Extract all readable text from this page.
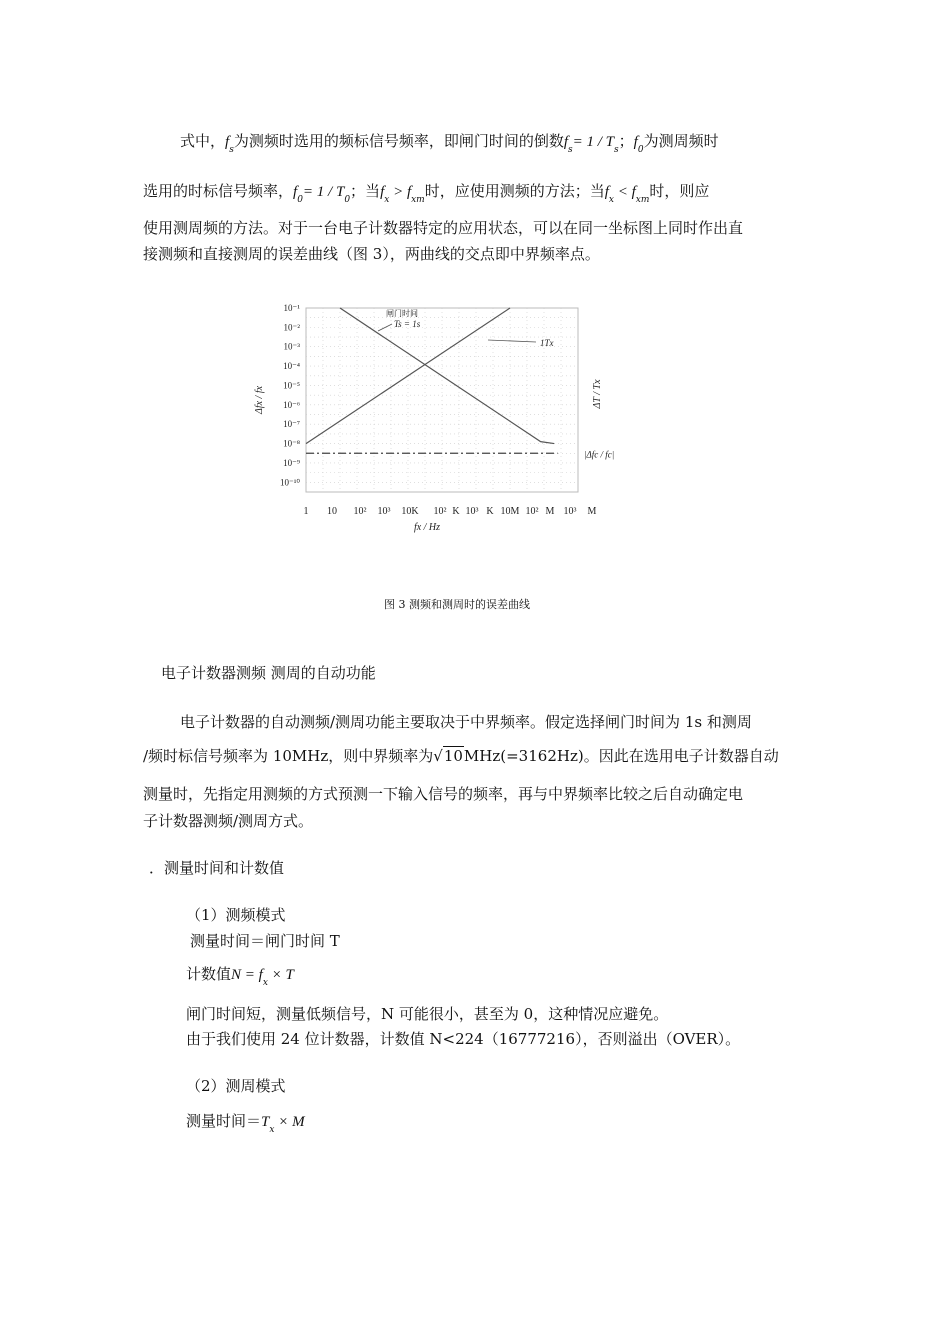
式中，$f_s$为测频时选用的频标信号频率，即闸门时间的倒数$f_s= 1 / T_s$；$f_0$为测周频时
选用的时标信号频率，$f_0= 1 / T_0$；当$f_x > f_{xm}$时，应使用测频的方法；当$f_x < f_{xm}$时，则应
使用测周频的方法。对于一台电子计数器特定的应用状态，可以在同一坐标图上同时作出直
接测频和直接测周的误差曲线（图 3），两曲线的交点即中界频率点。
10⁻¹
10⁻²
10⁻³
10⁻⁴
10⁻⁵
10⁻⁶
10⁻⁷
10⁻⁸
10⁻⁹
10⁻¹⁰
1 10 10² 10³ 10K 10² K 10³ K 10M 10² M 10³ M
fx / Hz
Δfx / fx	ΔT / Tx
闸门时间
Ts = 1s
1Tx
|Δfc / fc|
图 3 测频和测周时的误差曲线
电子计数器测频 测周的自动功能
电子计数器的自动测频/测周功能主要取决于中界频率。假定选择闸门时间为 1s 和测周
/频时标信号频率为 10MHz，则中界频率为√10MHz(=3162Hz)。因此在选用电子计数器自动
测量时，先指定用测频的方式预测一下输入信号的频率，再与中界频率比较之后自动确定电
子计数器测频/测周方式。
．测量时间和计数值
（1）测频模式
测量时间＝闸门时间 T
计数值$N = f_x \times T$
闸门时间短，测量低频信号，N 可能很小，甚至为 0，这种情况应避免。
由于我们使用 24 位计数器，计数值 N<224（16777216），否则溢出（OVER）。
（2）测周模式
测量时间$=T_x \times M$
